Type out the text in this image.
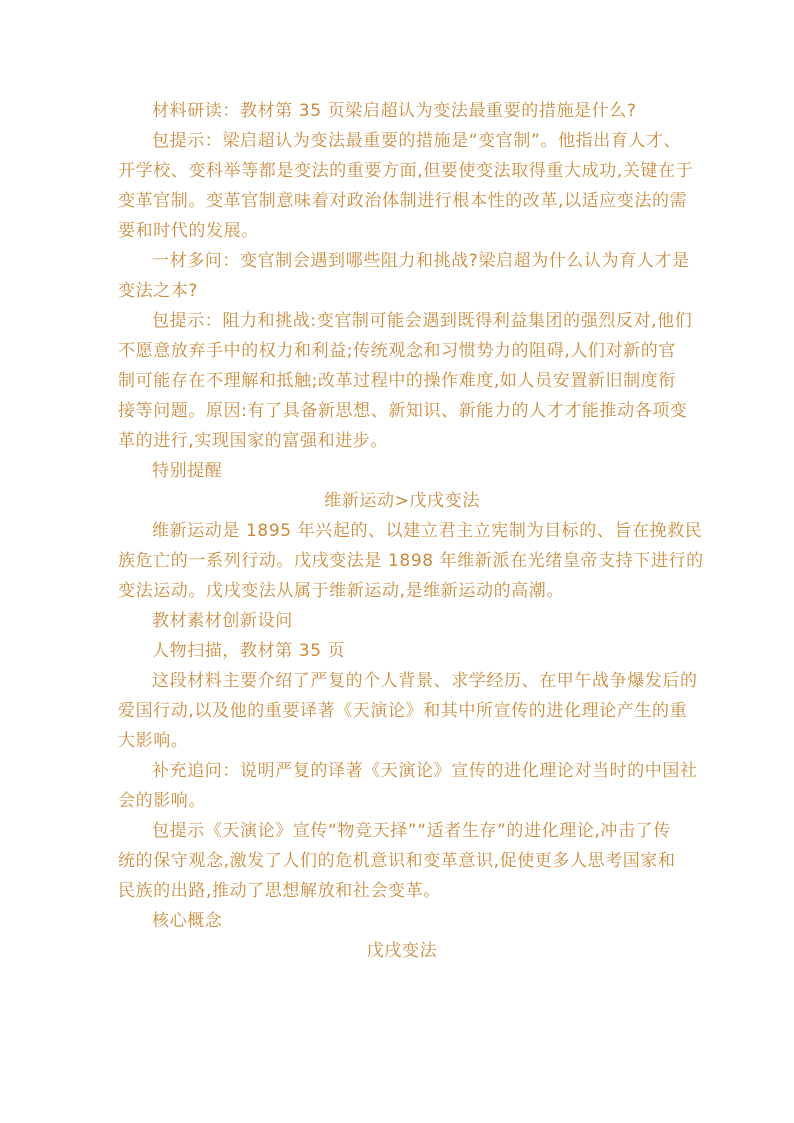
材料研读：教材第 35 页梁启超认为变法最重要的措施是什么?
包提示：梁启超认为变法最重要的措施是“变官制”。他指出育人才、
开学校、变科举等都是变法的重要方面,但要使变法取得重大成功,关键在于
变革官制。变革官制意味着对政治体制进行根本性的改革,以适应变法的需
要和时代的发展。
一材多问：变官制会遇到哪些阻力和挑战?梁启超为什么认为育人才是
变法之本?
包提示：阻力和挑战:变官制可能会遇到既得利益集团的强烈反对,他们
不愿意放弃手中的权力和利益;传统观念和习惯势力的阻碍,人们对新的官
制可能存在不理解和抵触;改革过程中的操作难度,如人员安置新旧制度衔
接等问题。原因:有了具备新思想、新知识、新能力的人才才能推动各项变
革的进行,实现国家的富强和进步。
特别提醒
维新运动>戊戌变法
维新运动是 1895 年兴起的、以建立君主立宪制为目标的、旨在挽救民
族危亡的一系列行动。戊戌变法是 1898 年维新派在光绪皇帝支持下进行的
变法运动。戊戌变法从属于维新运动,是维新运动的高潮。
教材素材创新设问
人物扫描，教材第 35 页
这段材料主要介绍了严复的个人背景、求学经历、在甲午战争爆发后的
爱国行动,以及他的重要译著《天演论》和其中所宣传的进化理论产生的重
大影响。
补充追问：说明严复的译著《天演论》宣传的进化理论对当时的中国社
会的影响。
包提示《天演论》宣传“物竞天择”“适者生存”的进化理论,冲击了传
统的保守观念,激发了人们的危机意识和变革意识,促使更多人思考国家和
民族的出路,推动了思想解放和社会变革。
核心概念
戊戌变法
